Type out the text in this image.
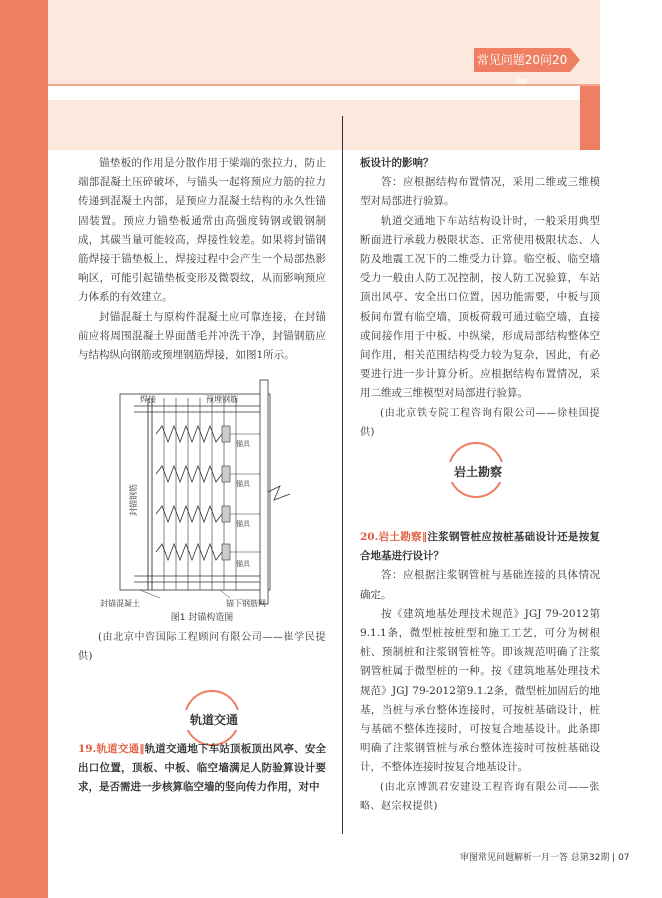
常见问题20问20

锚垫板的作用是分散作用于梁端的张拉力，防止端部混凝土压碎破坏，与锚头一起将预应力筋的拉力传递到混凝土内部，是预应力混凝土结构的永久性锚固装置。预应力锚垫板通常由高强度铸钢或锻钢制成，其碳当量可能较高，焊接性较差。如果将封锚钢筋焊接于锚垫板上，焊接过程中会产生一个局部热影响区，可能引起锚垫板变形及微裂纹，从而影响预应力体系的有效建立。

封锚混凝土与原构件混凝土应可靠连接，在封锚前应将周围混凝土界面凿毛并冲洗干净，封锚钢筋应与结构纵向钢筋或预埋钢筋焊接，如图1所示。

焊接	预埋钢筋
封锚钢筋
锚具
锚具
锚具
锚具
封锚混凝土	锚下钢筋网
图1 封锚构造图

(由北京中咨国际工程顾问有限公司——崔学民提供)

轨道交通

19.轨道交通‖轨道交通地下车站顶板顶出风亭、安全出口位置，顶板、中板、临空墙满足人防验算设计要求，是否需进一步核算临空墙的竖向传力作用，对中

板设计的影响？

答：应根据结构布置情况，采用二维或三维模型对局部进行验算。

轨道交通地下车站结构设计时，一般采用典型断面进行承载力极限状态、正常使用极限状态、人防及地震工况下的二维受力计算。临空板、临空墙受力一般由人防工况控制，按人防工况验算，车站顶出风亭、安全出口位置，因功能需要，中板与顶板间布置有临空墙，顶板荷载可通过临空墙，直接或间接作用于中板、中纵梁，形成局部结构整体空间作用，相关范围结构受力较为复杂，因此，有必要进行进一步计算分析。应根据结构布置情况，采用二维或三维模型对局部进行验算。

(由北京铁专院工程咨询有限公司——徐桂国提供)

岩土勘察

20.岩土勘察‖注浆钢管桩应按桩基础设计还是按复合地基进行设计？

答：应根据注浆钢管桩与基础连接的具体情况确定。

按《建筑地基处理技术规范》JGJ 79-2012第9.1.1条，微型桩按桩型和施工工艺，可分为树根桩、预制桩和注浆钢管桩等。即该规范明确了注浆钢管桩属于微型桩的一种。按《建筑地基处理技术规范》JGJ 79-2012第9.1.2条，微型桩加固后的地基，当桩与承台整体连接时，可按桩基础设计，桩与基础不整体连接时，可按复合地基设计。此条即明确了注浆钢管桩与承台整体连接时可按桩基础设计，不整体连接时按复合地基设计。

(由北京博凯君安建设工程咨询有限公司——张略、赵宗权提供)

审图常见问题解析一月一答 总第32期 | 07
